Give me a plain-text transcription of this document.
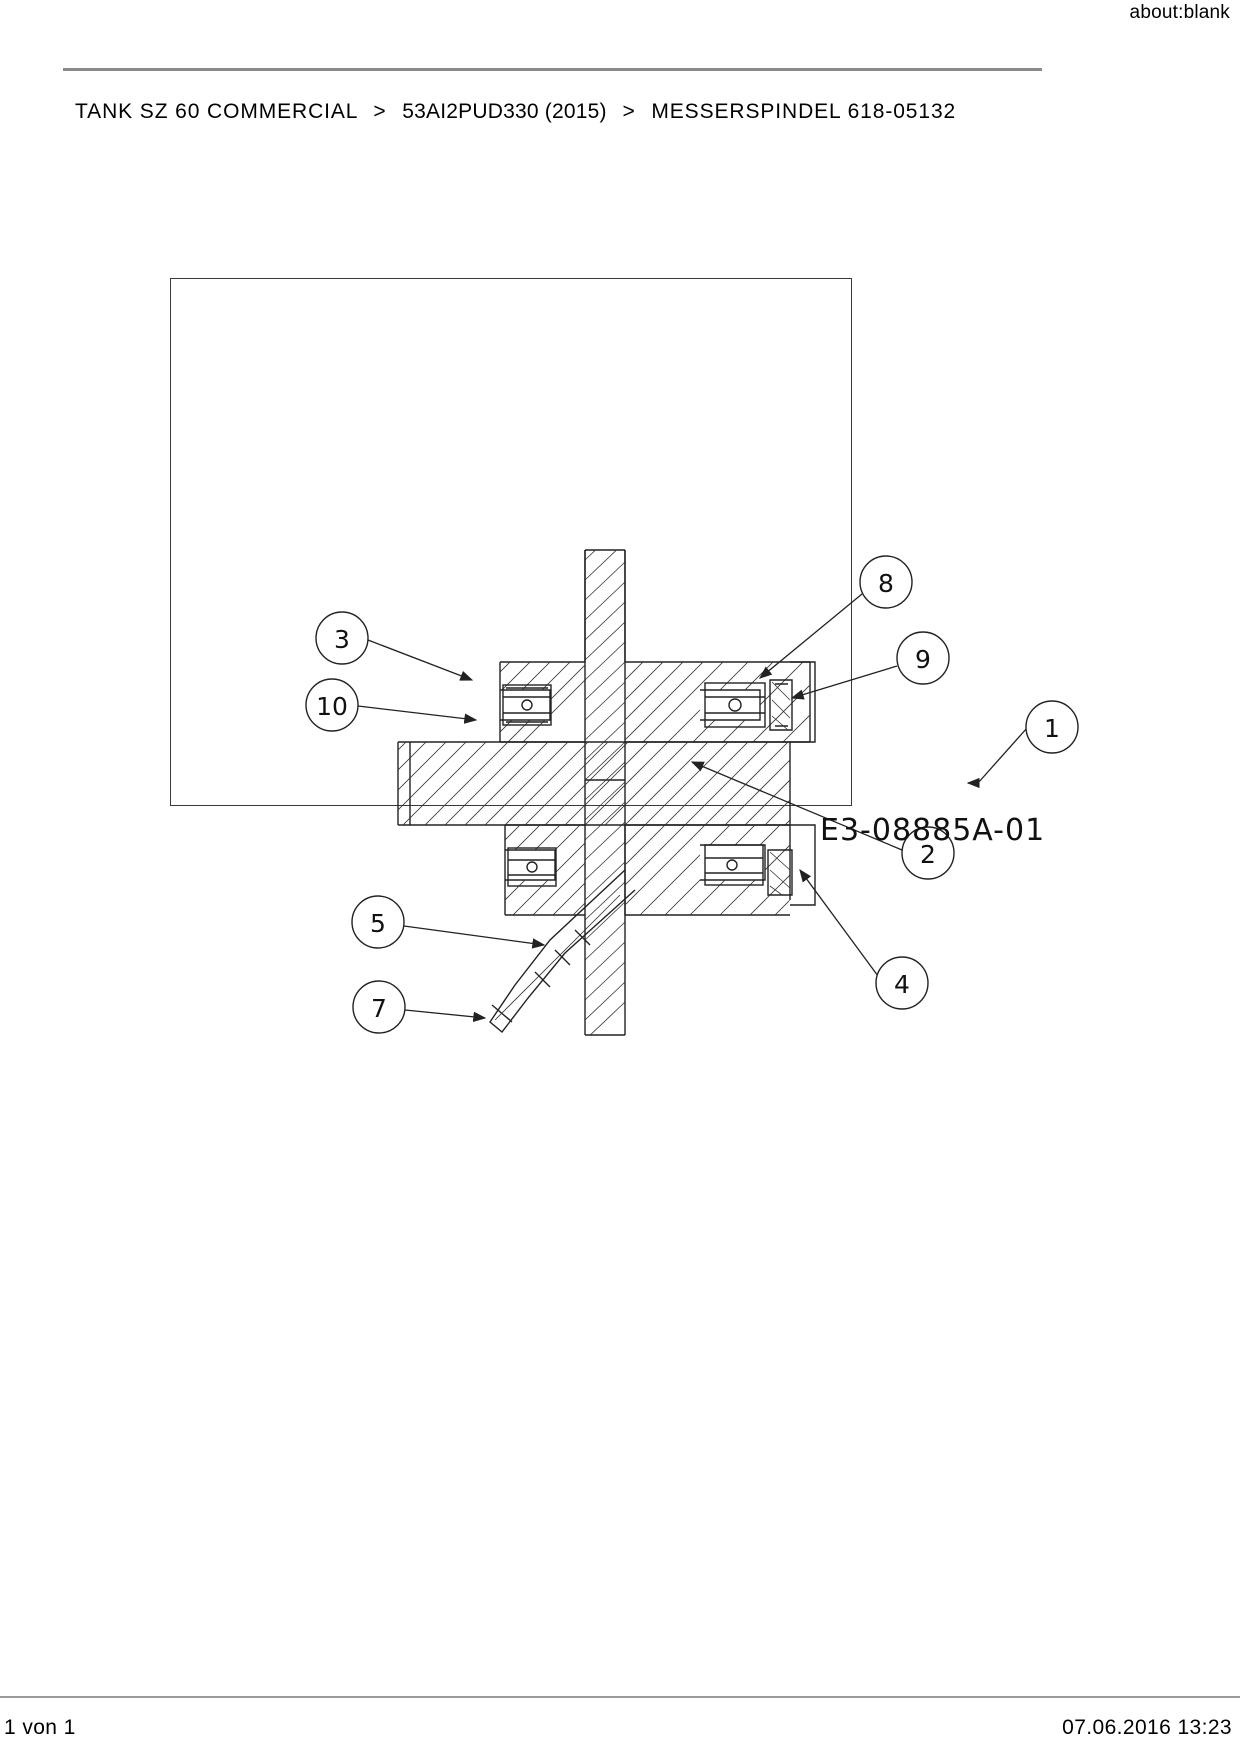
about:blank
TANK SZ 60 COMMERCIAL > 53AI2PUD330 (2015) > MESSERSPINDEL 618-05132
3
10
8
9
1
2
4
5
7
E3-08885A-01
1 von 1	07.06.2016 13:23
